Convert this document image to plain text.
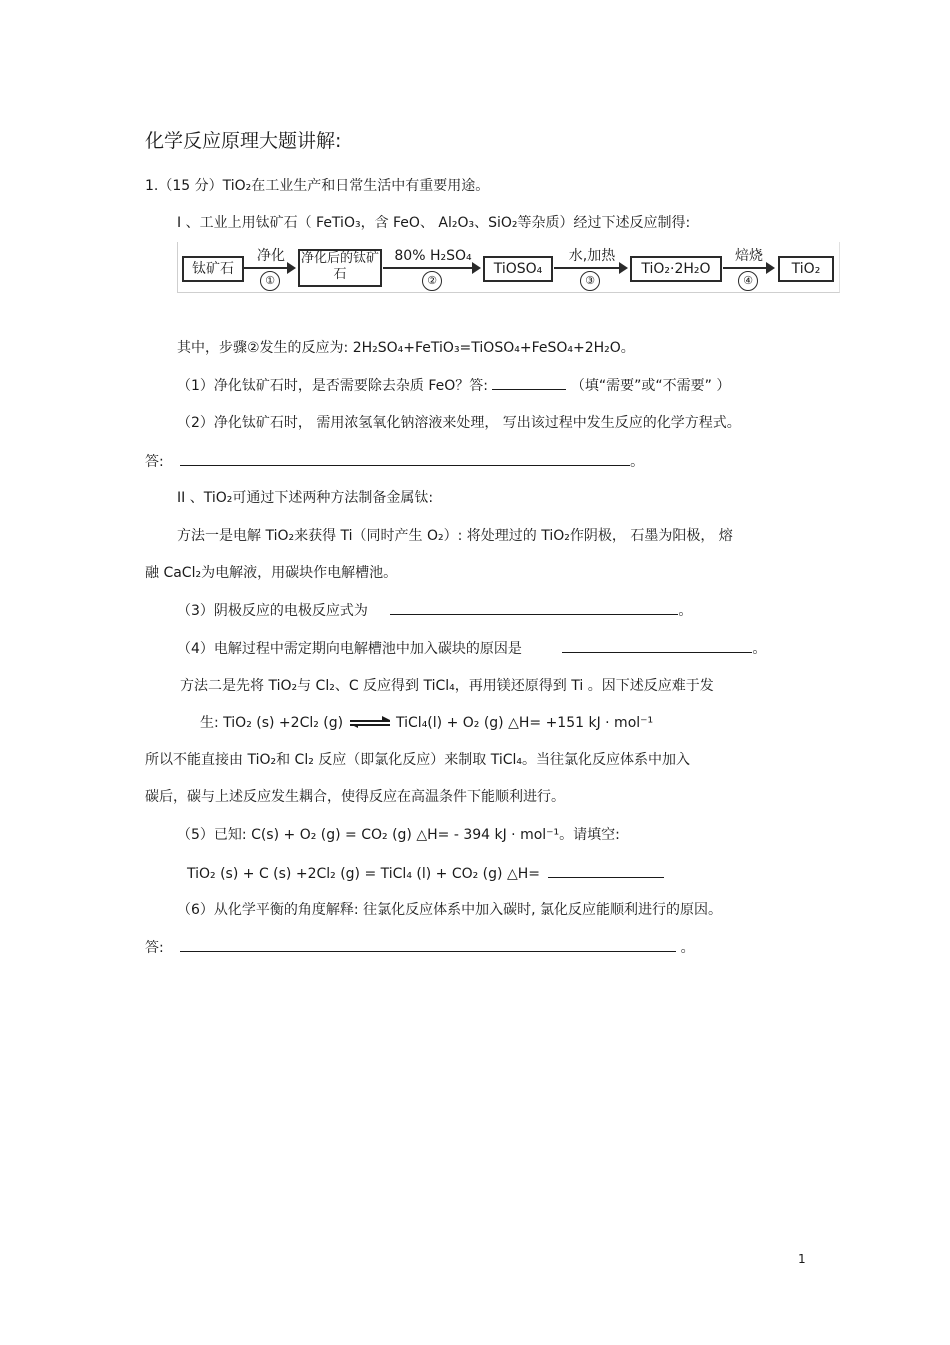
化学反应原理大题讲解:
1.（15 分）TiO₂在工业生产和日常生活中有重要用途。
I 、工业上用钛矿石（ FeTiO₃，含 FeO、 Al₂O₃、SiO₂等杂质）经过下述反应制得:
钛矿石
净化
①
净化后的钛矿石
80% H₂SO₄
②
TiOSO₄
水,加热
③
TiO₂·2H₂O
焙烧
④
TiO₂
其中，步骤②发生的反应为: 2H₂SO₄+FeTiO₃=TiOSO₄+FeSO₄+2H₂O。
（1）净化钛矿石时，是否需要除去杂质 FeO？答:	（填“需要”或“不需要” ）
（2）净化钛矿石时， 需用浓氢氧化钠溶液来处理， 写出该过程中发生反应的化学方程式。
答:	。
II 、TiO₂可通过下述两种方法制备金属钛:
方法一是电解 TiO₂来获得 Ti（同时产生 O₂）: 将处理过的 TiO₂作阴极， 石墨为阳极， 熔
融 CaCl₂为电解液，用碳块作电解槽池。
（3）阴极反应的电极反应式为	。
（4）电解过程中需定期向电解槽池中加入碳块的原因是	。
方法二是先将 TiO₂与 Cl₂、C 反应得到 TiCl₄，再用镁还原得到 Ti 。因下述反应难于发
生: TiO₂ (s) +2Cl₂ (g) ⇌ TiCl₄(l) + O₂ (g) △H= +151 kJ · mol⁻¹
所以不能直接由 TiO₂和 Cl₂ 反应（即氯化反应）来制取 TiCl₄。当往氯化反应体系中加入
碳后，碳与上述反应发生耦合，使得反应在高温条件下能顺利进行。
（5）已知: C(s) + O₂ (g) = CO₂ (g) △H= - 394 kJ · mol⁻¹。请填空:
TiO₂ (s) + C (s) +2Cl₂ (g) = TiCl₄ (l) + CO₂ (g) △H=
（6）从化学平衡的角度解释: 往氯化反应体系中加入碳时, 氯化反应能顺利进行的原因。
答:	。
1
